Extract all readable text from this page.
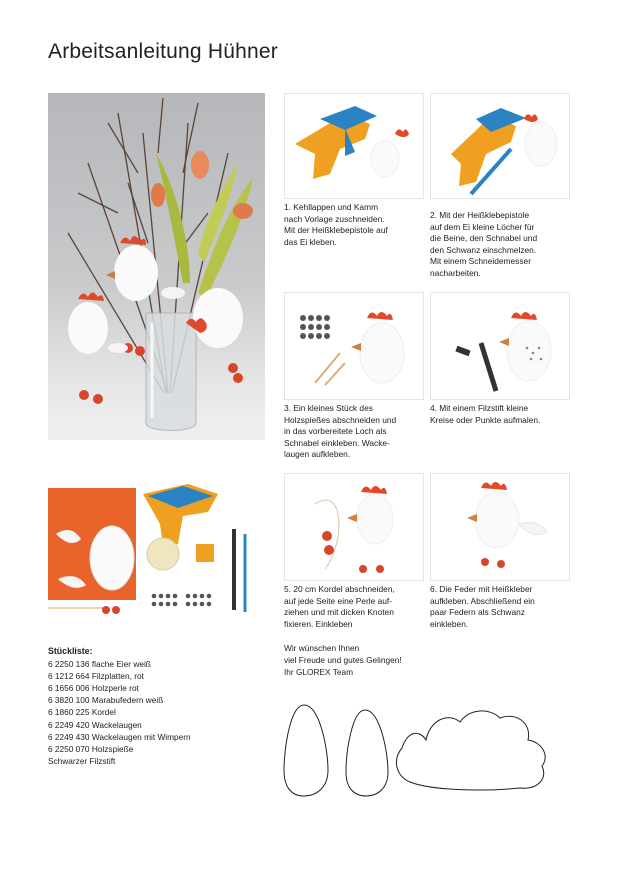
Arbeitsanleitung Hühner
1. Kehllappen und Kamm
nach Vorlage zuschneiden.
Mit der Heißklebepistole auf
das Ei kleben.
2. Mit der Heißklebepistole
auf dem Ei kleine Löcher für
die Beine, den Schnabel und
den Schwanz einschmelzen.
Mit einem Schneidemesser
nacharbeiten.
3. Ein kleines Stück des
Holzspießes abschneiden und
in das vorbereitete Loch als
Schnabel einkleben. Wacke-
laugen aufkleben.
4. Mit einem Filzstift kleine
Kreise oder Punkte aufmalen.
5. 20 cm Kordel abschneiden,
auf jede Seite eine Perle auf-
ziehen und mit dicken Knoten
fixieren. Einkleben
6. Die Feder mit Heißkleber
aufkleben. Abschließend ein
paar Federn als Schwanz
einkleben.
Stückliste:
6 2250 136 flache Eier weiß
6 1212 664 Filzplatten, rot
6 1656 006 Holzperle rot
6 3820 100 Marabufedern weiß
6 1860 225 Kordel
6 2249 420 Wackelaugen
6 2249 430 Wackelaugen mit Wimpern
6 2250 070 Holzspieße
Schwarzer Filzstift
Wir wünschen Ihnen
viel Freude und gutes Gelingen!
Ihr GLOREX Team
